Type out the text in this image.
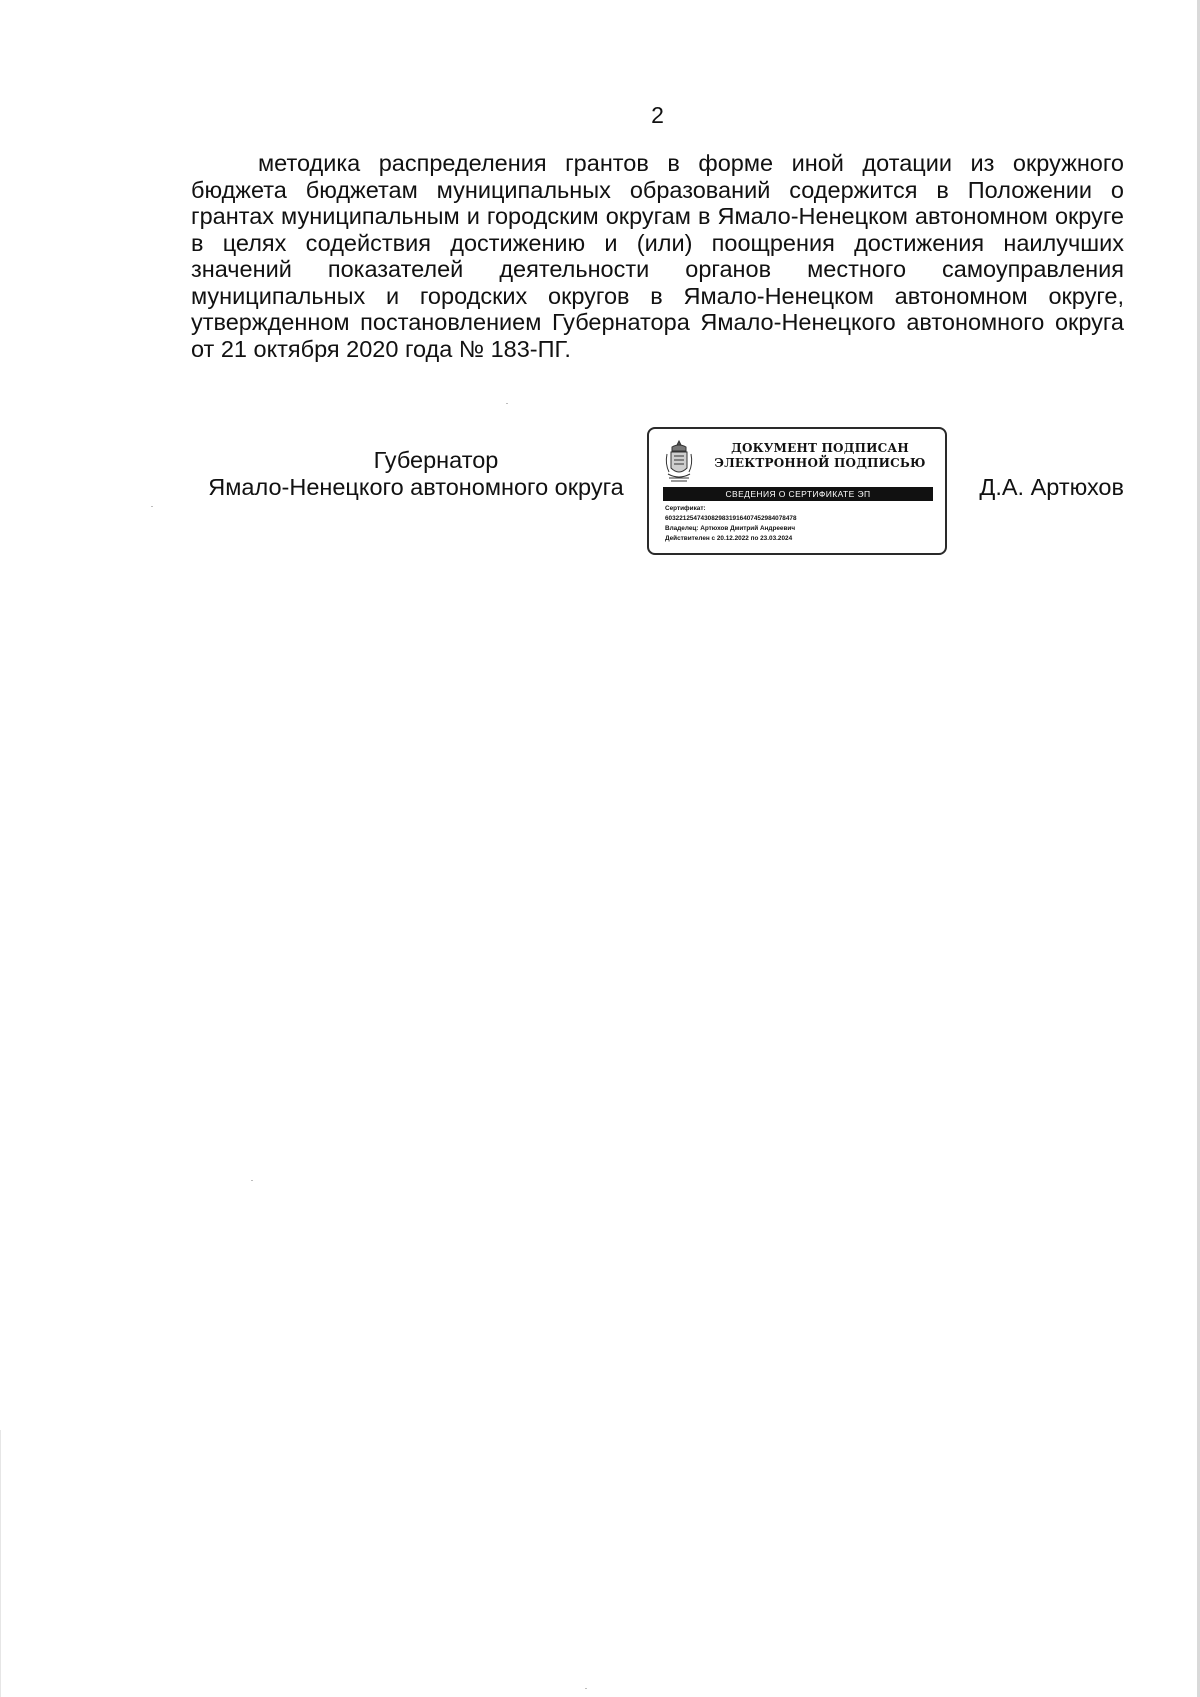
2

методика распределения грантов в форме иной дотации из окружного бюджета бюджетам муниципальных образований содержится в Положении о грантах муниципальным и городским округам в Ямало-Ненецком автономном округе в целях содействия достижению и (или) поощрения достижения наилучших значений показателей деятельности органов местного самоуправления муниципальных и городских округов в Ямало-Ненецком автономном округе, утвержденном постановлением Губернатора Ямало-Ненецкого автономного округа от 21 октября 2020 года № 183-ПГ.

Губернатор
Ямало-Ненецкого автономного округа
ДОКУМЕНТ ПОДПИСАН
ЭЛЕКТРОННОЙ ПОДПИСЬЮ
СВЕДЕНИЯ О СЕРТИФИКАТЕ ЭП
Сертификат:
6032212547430829831916407452984078478
Владелец: Артюхов Дмитрий Андреевич
Действителен с 20.12.2022 по 23.03.2024
Д.А. Артюхов
